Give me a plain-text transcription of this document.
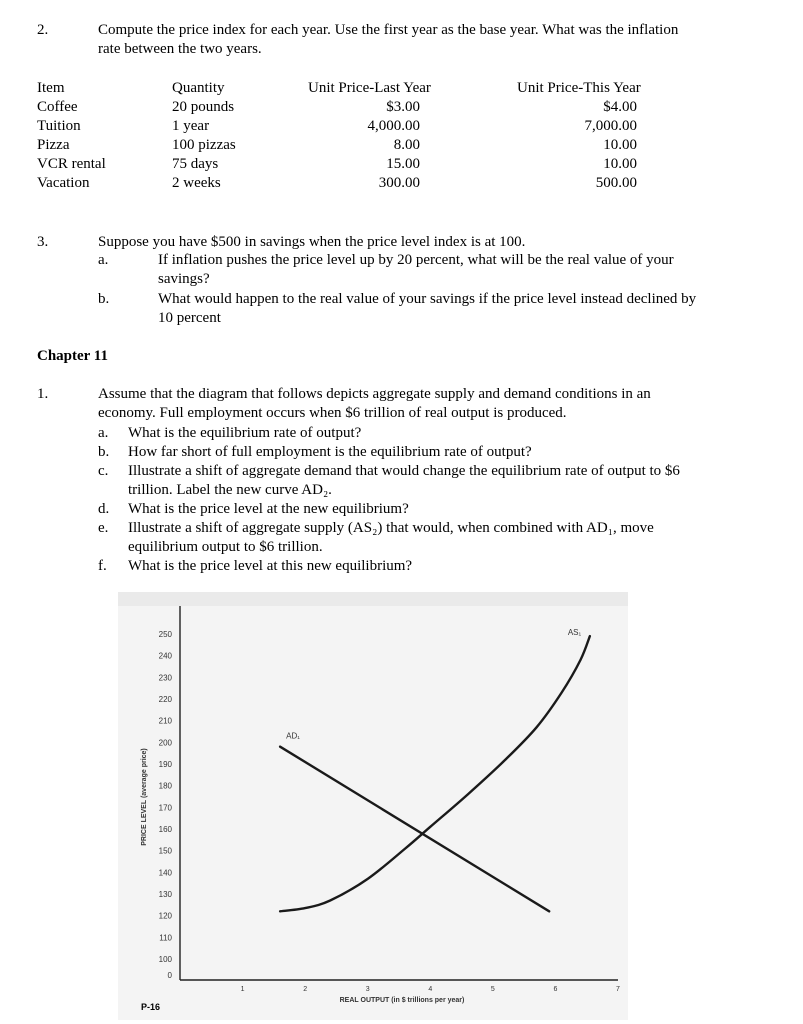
2.	Compute the price index for each year. Use the first year as the base year. What was the inflation
rate between the two years.
Item	Quantity	Unit Price-Last Year	Unit Price-This Year
Coffee	20 pounds	$3.00	$4.00
Tuition	1 year	4,000.00	7,000.00
Pizza	100 pizzas	8.00	10.00
VCR rental	75 days	15.00	10.00
Vacation	2 weeks	300.00	500.00
3.	Suppose you have $500 in savings when the price level index is at 100.
a.	If inflation pushes the price level up by 20 percent, what will be the real value of your
savings?
b.	What would happen to the real value of your savings if the price level instead declined by
10 percent
Chapter 11
1.	Assume that the diagram that follows depicts aggregate supply and demand conditions in an
economy. Full employment occurs when $6 trillion of real output is produced.
a. What is the equilibrium rate of output?
b. How far short of full employment is the equilibrium rate of output?
c. Illustrate a shift of aggregate demand that would change the equilibrium rate of output to $6
trillion. Label the new curve AD₂.
d. What is the price level at the new equilibrium?
e. Illustrate a shift of aggregate supply (AS₂) that would, when combined with AD₁, move
equilibrium output to $6 trillion.
f. What is the price level at this new equilibrium?
250
240
230
220
210
200
190
180
170
160
150
140
130
120
110
100
0
1	2	3	4	5	6	7
REAL OUTPUT (in $ trillions per year)
PRICE LEVEL (average price)
AD₁
AS₁
P-16
